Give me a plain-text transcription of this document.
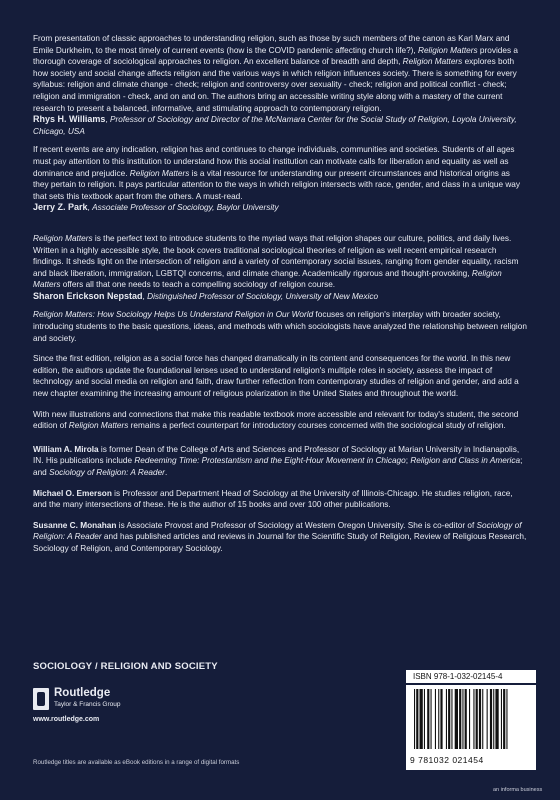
From presentation of classic approaches to understanding religion, such as those by such members of the canon as Karl Marx and Emile Durkheim, to the most timely of current events (how is the COVID pandemic affecting church life?), Religion Matters provides a thorough coverage of sociological approaches to religion. An excellent balance of breadth and depth, Religion Matters explores both how society and social change affects religion and the various ways in which religion influences society. There is something for every syllabus: religion and climate change - check; religion and controversy over sexuality - check; religion and political conflict - check; religion and immigration - check, and on and on. The authors bring an accessible writing style along with a mastery of the current research to present a balanced, informative, and stimulating approach to contemporary religion.

Rhys H. Williams, Professor of Sociology and Director of the McNamara Center for the Social Study of Religion, Loyola University, Chicago, USA

If recent events are any indication, religion has and continues to change individuals, communities and societies. Students of all ages must pay attention to this institution to understand how this social institution can motivate calls for liberation and equality as well as dominance and prejudice. Religion Matters is a vital resource for understanding our present circumstances and historical origins as they pertain to religion. It pays particular attention to the ways in which religion intersects with race, gender, and class in a unique way that sets this textbook apart from the others. A must-read.

Jerry Z. Park, Associate Professor of Sociology, Baylor University

Religion Matters is the perfect text to introduce students to the myriad ways that religion shapes our culture, politics, and daily lives. Written in a highly accessible style, the book covers traditional sociological theories of religion as well recent empirical research findings. It sheds light on the intersection of religion and a variety of contemporary social issues, ranging from gender equality, racism and black liberation, immigration, LGBTQI concerns, and climate change. Academically rigorous and thought-provoking, Religion Matters offers all that one needs to teach a compelling sociology of religion course.

Sharon Erickson Nepstad, Distinguished Professor of Sociology, University of New Mexico

Religion Matters: How Sociology Helps Us Understand Religion in Our World focuses on religion's interplay with broader society, introducing students to the basic questions, ideas, and methods with which sociologists have analyzed the relationship between religion and society.

Since the first edition, religion as a social force has changed dramatically in its content and consequences for the world. In this new edition, the authors update the foundational lenses used to understand religion's multiple roles in society, assess the impact of technology and social media on religion and faith, draw further reflection from contemporary studies of religion and gender, and add a new chapter examining the increasing amount of religious polarization in the United States and throughout the world.

With new illustrations and connections that make this readable textbook more accessible and relevant for today's student, the second edition of Religion Matters remains a perfect counterpart for introductory courses concerned with the sociological study of religion.

William A. Mirola is former Dean of the College of Arts and Sciences and Professor of Sociology at Marian University in Indianapolis, IN. His publications include Redeeming Time: Protestantism and the Eight-Hour Movement in Chicago; Religion and Class in America; and Sociology of Religion: A Reader.

Michael O. Emerson is Professor and Department Head of Sociology at the University of Illinois-Chicago. He studies religion, race, and the many intersections of these. He is the author of 15 books and over 100 other publications.

Susanne C. Monahan is Associate Provost and Professor of Sociology at Western Oregon University. She is co-editor of Sociology of Religion: A Reader and has published articles and reviews in Journal for the Scientific Study of Religion, Review of Religious Research, Sociology of Religion, and Contemporary Sociology.

SOCIOLOGY / RELIGION AND SOCIETY
Routledge
Taylor & Francis Group
www.routledge.com
Routledge titles are available as eBook editions in a range of digital formats
ISBN 978-1-032-02145-4
9 781032 021454
an informa business
